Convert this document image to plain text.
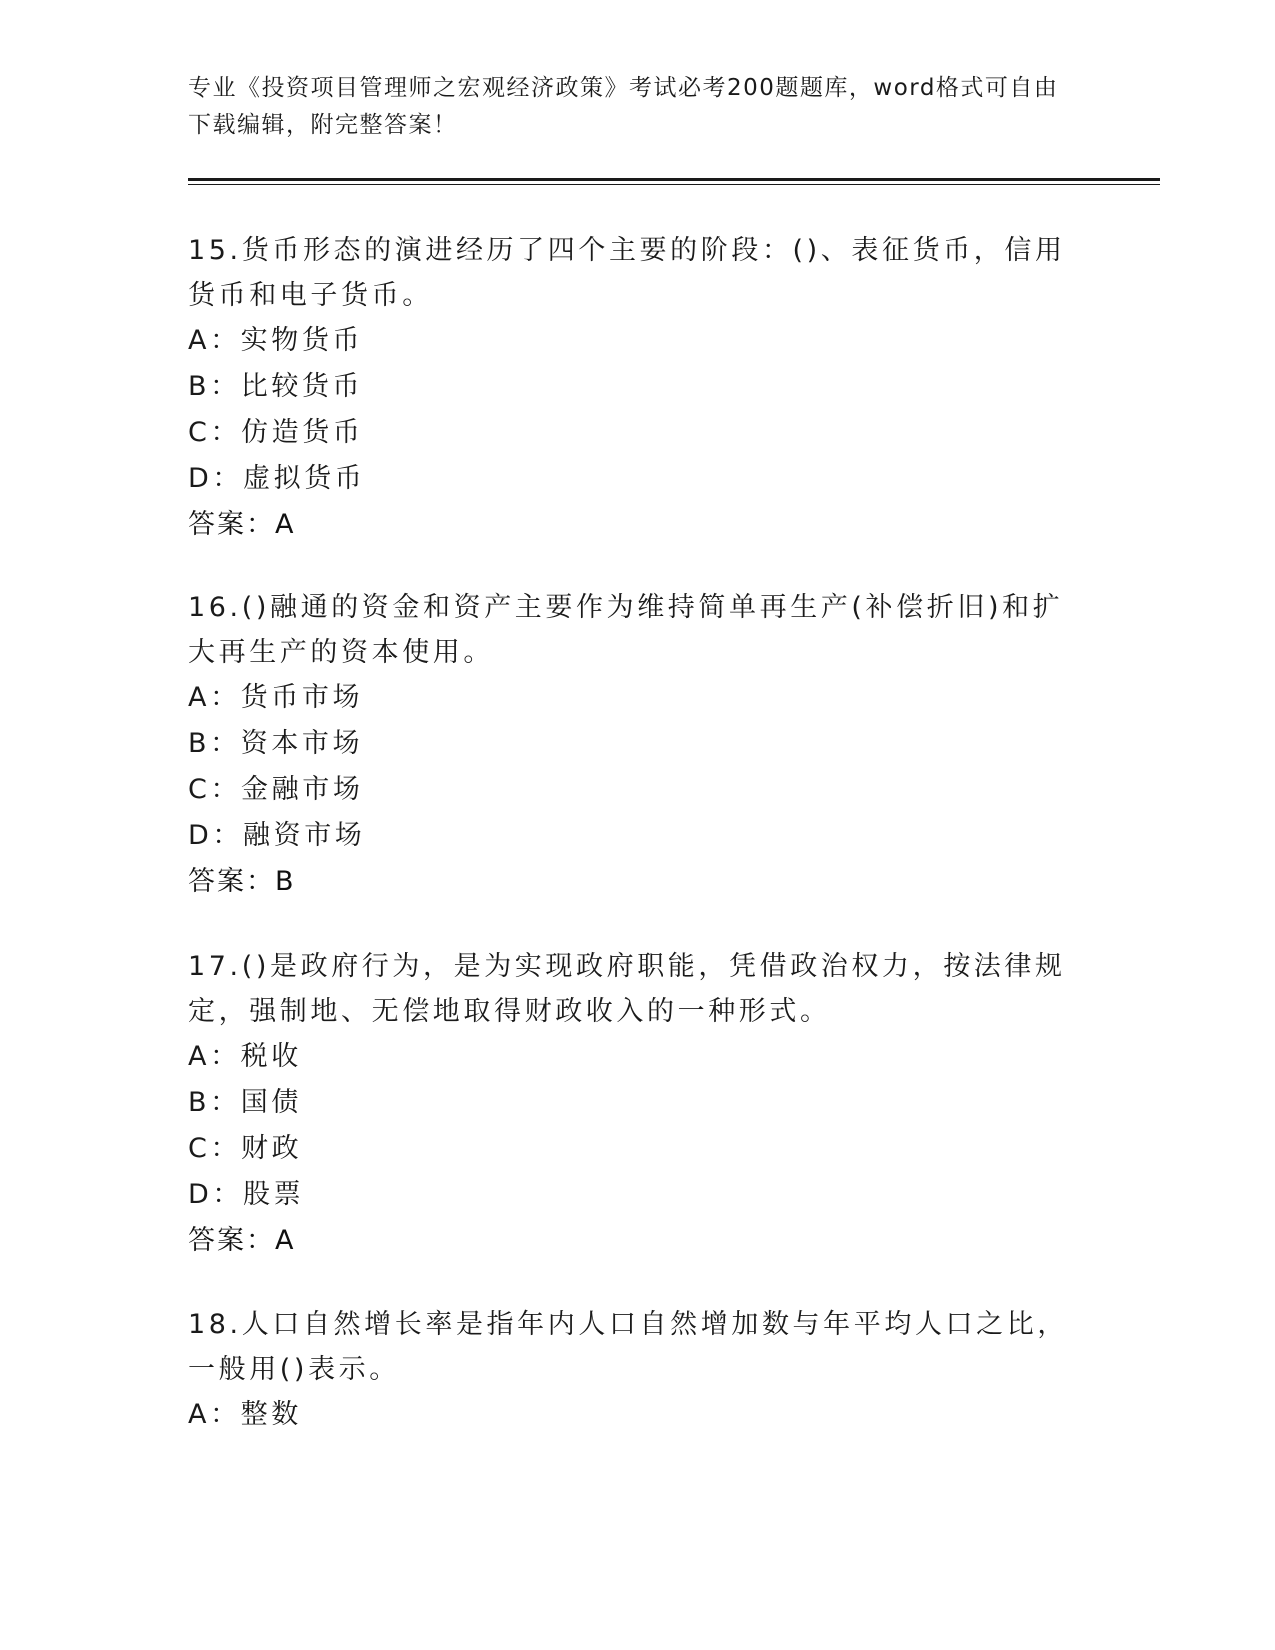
专业《投资项目管理师之宏观经济政策》考试必考200题题库，word格式可自由下载编辑，附完整答案！
15.货币形态的演进经历了四个主要的阶段：()、表征货币，信用货币和电子货币。
A：实物货币
B：比较货币
C：仿造货币
D：虚拟货币
答案：A
16.()融通的资金和资产主要作为维持简单再生产(补偿折旧)和扩大再生产的资本使用。
A：货币市场
B：资本市场
C：金融市场
D：融资市场
答案：B
17.()是政府行为，是为实现政府职能，凭借政治权力，按法律规定，强制地、无偿地取得财政收入的一种形式。
A：税收
B：国债
C：财政
D：股票
答案：A
18.人口自然增长率是指年内人口自然增加数与年平均人口之比，一般用()表示。
A：整数
